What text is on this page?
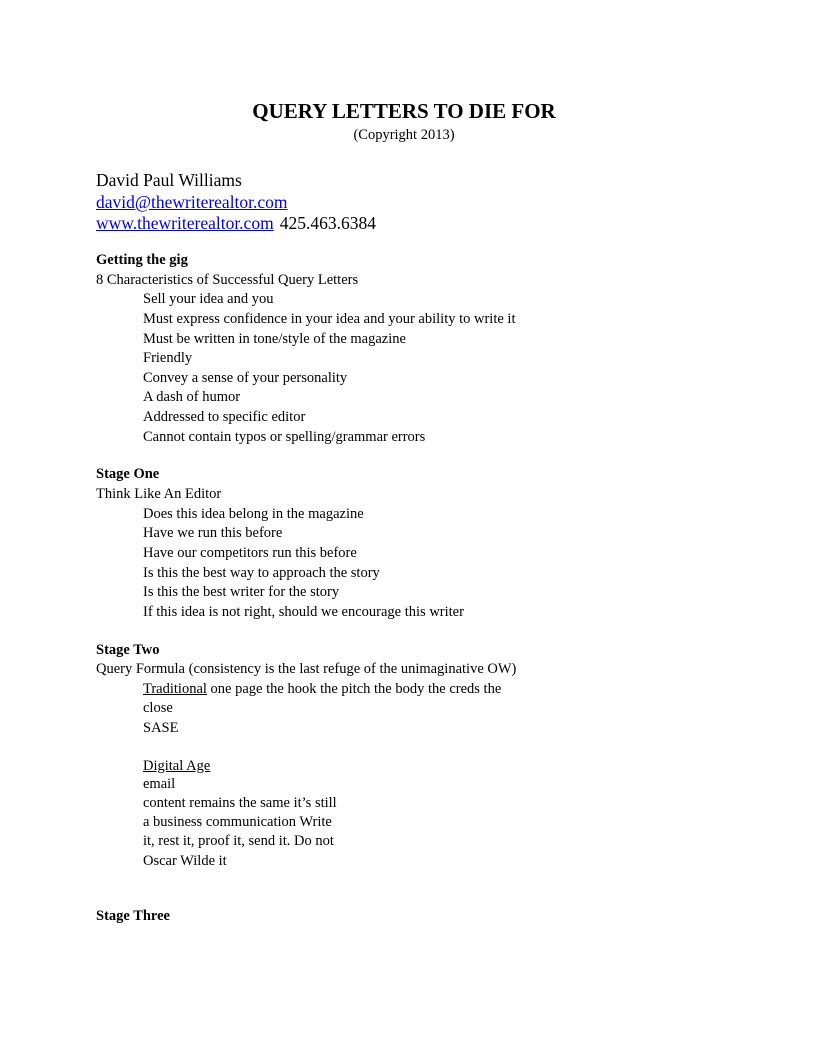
QUERY LETTERS TO DIE FOR
(Copyright 2013)
David Paul Williams
david@thewriterealtor.com
www.thewriterealtor.com 425.463.6384
Getting the gig
8 Characteristics of Successful Query Letters
Sell your idea and you
Must express confidence in your idea and your ability to write it
Must be written in tone/style of the magazine
Friendly
Convey a sense of your personality
A dash of humor
Addressed to specific editor
Cannot contain typos or spelling/grammar errors
Stage One
Think Like An Editor
Does this idea belong in the magazine
Have we run this before
Have our competitors run this before
Is this the best way to approach the story
Is this the best writer for the story
If this idea is not right, should we encourage this writer
Stage Two
Query Formula (consistency is the last refuge of the unimaginative OW)
Traditional one page the hook the pitch the body the creds the
close
SASE
Digital Age
email
content remains the same it’s still
a business communication Write
it, rest it, proof it, send it. Do not
Oscar Wilde it
Stage Three
